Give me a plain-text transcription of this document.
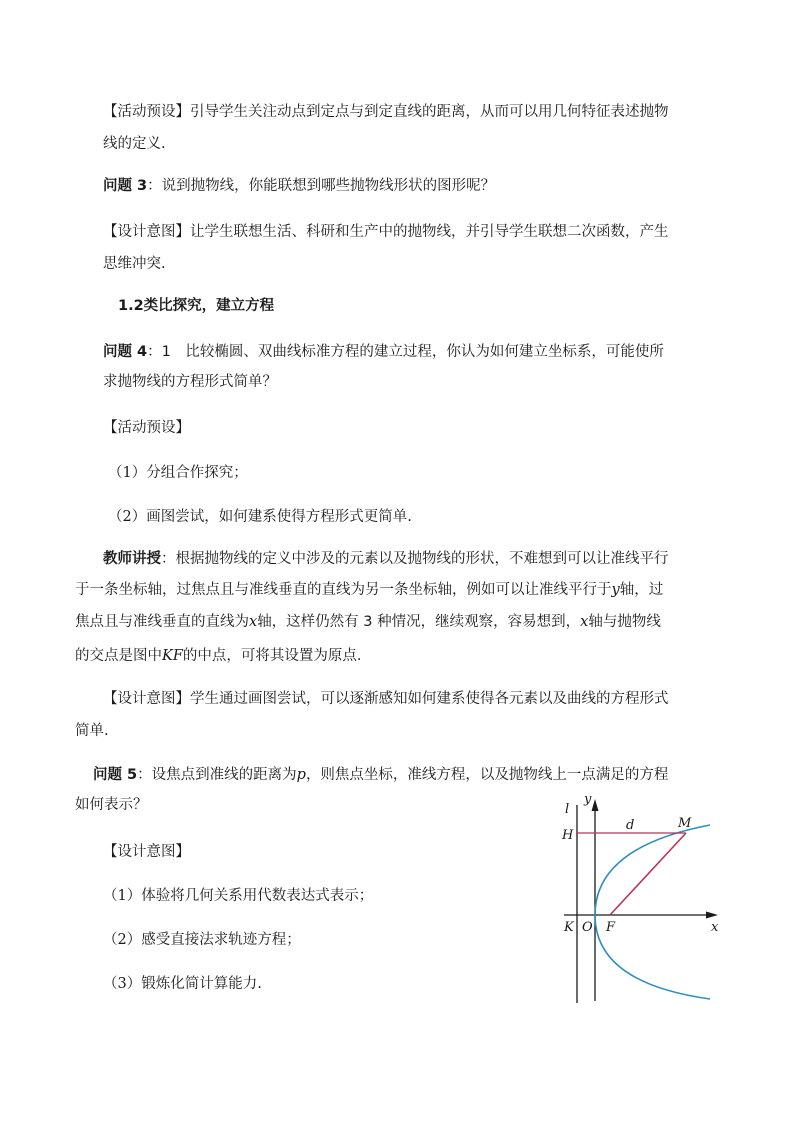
【活动预设】引导学生关注动点到定点与到定直线的距离，从而可以用几何特征表述抛物
线的定义.
问题 3：说到抛物线，你能联想到哪些抛物线形状的图形呢？
【设计意图】让学生联想生活、科研和生产中的抛物线，并引导学生联想二次函数，产生
思维冲突.
1.2类比探究，建立方程
问题 4：1　比较椭圆、双曲线标准方程的建立过程，你认为如何建立坐标系，可能使所
求抛物线的方程形式简单？
【活动预设】
（1）分组合作探究；
（2）画图尝试，如何建系使得方程形式更简单.
教师讲授：根据抛物线的定义中涉及的元素以及抛物线的形状，不难想到可以让准线平行
于一条坐标轴，过焦点且与准线垂直的直线为另一条坐标轴，例如可以让准线平行于y轴，过
焦点且与准线垂直的直线为x轴，这样仍然有 3 种情况，继续观察，容易想到，x轴与抛物线
的交点是图中KF的中点，可将其设置为原点.
【设计意图】学生通过画图尝试，可以逐渐感知如何建系使得各元素以及曲线的方程形式
简单.
问题 5：设焦点到准线的距离为p，则焦点坐标，准线方程，以及抛物线上一点满足的方程
如何表示？
【设计意图】
（1）体验将几何关系用代数表达式表示；
（2）感受直接法求轨迹方程；
（3）锻炼化简计算能力.
l
y
H
d	M
K O F	x
